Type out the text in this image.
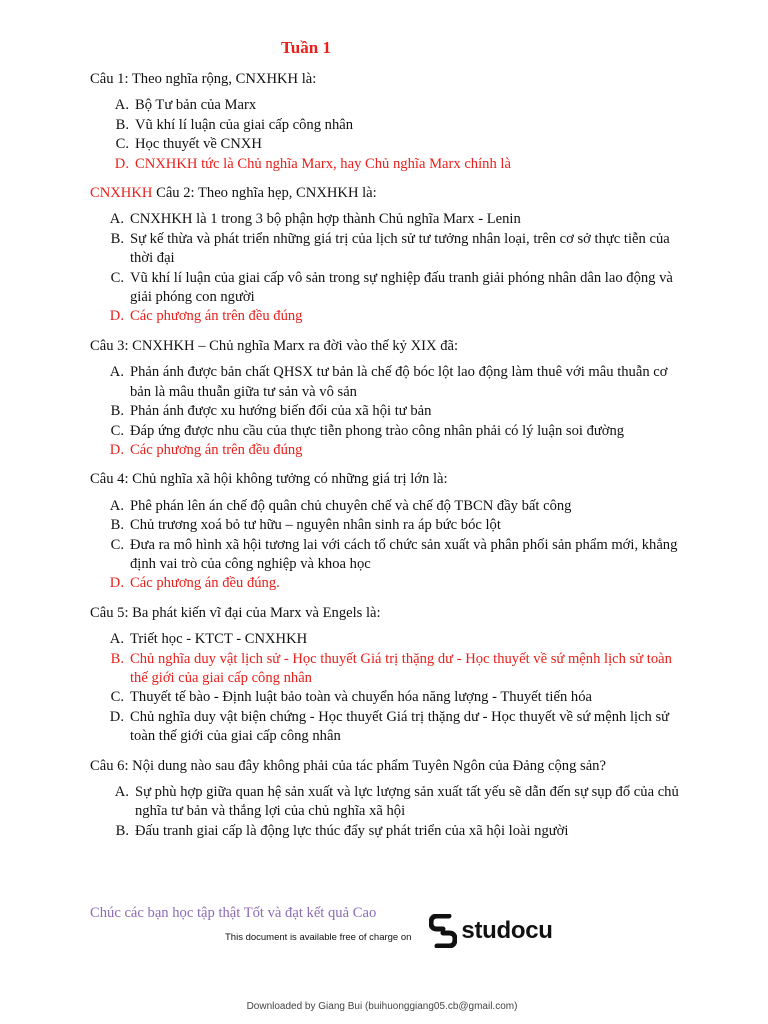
Tuần 1

Câu 1: Theo nghĩa rộng, CNXHKH là:

A. Bộ Tư bản của Marx
B. Vũ khí lí luận của giai cấp công nhân
C. Học thuyết về CNXH
D. CNXHKH tức là Chủ nghĩa Marx, hay Chủ nghĩa Marx chính là

CNXHKH Câu 2: Theo nghĩa hẹp, CNXHKH là:

A. CNXHKH là 1 trong 3 bộ phận hợp thành Chủ nghĩa Marx - Lenin
B. Sự kế thừa và phát triển những giá trị của lịch sử tư tưởng nhân loại, trên cơ sở thực tiễn của thời đại
C. Vũ khí lí luận của giai cấp vô sản trong sự nghiệp đấu tranh giải phóng nhân dân lao động và giải phóng con người
D. Các phương án trên đều đúng

Câu 3: CNXHKH – Chủ nghĩa Marx ra đời vào thế kỷ XIX đã:

A. Phản ánh được bản chất QHSX tư bản là chế độ bóc lột lao động làm thuê với mâu thuẫn cơ bản là mâu thuẫn giữa tư sản và vô sản
B. Phản ánh được xu hướng biến đổi của xã hội tư bản
C. Đáp ứng được nhu cầu của thực tiễn phong trào công nhân phải có lý luận soi đường
D. Các phương án trên đều đúng

Câu 4: Chủ nghĩa xã hội không tưởng có những giá trị lớn là:

A. Phê phán lên án chế độ quân chủ chuyên chế và chế độ TBCN đầy bất công
B. Chủ trương xoá bỏ tư hữu – nguyên nhân sinh ra áp bức bóc lột
C. Đưa ra mô hình xã hội tương lai với cách tổ chức sản xuất và phân phối sản phẩm mới, khẳng định vai trò của công nghiệp và khoa học
D. Các phương án đều đúng.

Câu 5: Ba phát kiến vĩ đại của Marx và Engels là:

A. Triết học - KTCT - CNXHKH
B. Chủ nghĩa duy vật lịch sử - Học thuyết Giá trị thặng dư - Học thuyết về sứ mệnh lịch sử toàn thế giới của giai cấp công nhân
C. Thuyết tế bào - Định luật bảo toàn và chuyển hóa năng lượng - Thuyết tiến hóa
D. Chủ nghĩa duy vật biện chứng - Học thuyết Giá trị thặng dư - Học thuyết về sứ mệnh lịch sử toàn thế giới của giai cấp công nhân

Câu 6: Nội dung nào sau đây không phải của tác phẩm Tuyên Ngôn của Đảng cộng sản?

A. Sự phù hợp giữa quan hệ sản xuất và lực lượng sản xuất tất yếu sẽ dẫn đến sự sụp đổ của chủ nghĩa tư bản và thắng lợi của chủ nghĩa xã hội
B. Đấu tranh giai cấp là động lực thúc đẩy sự phát triển của xã hội loài người
Chúc các bạn học tập thật Tốt và đạt kết quả Cao
This document is available free of charge on studocu
Downloaded by Giang Bui (buihuonggiang05.cb@gmail.com)
